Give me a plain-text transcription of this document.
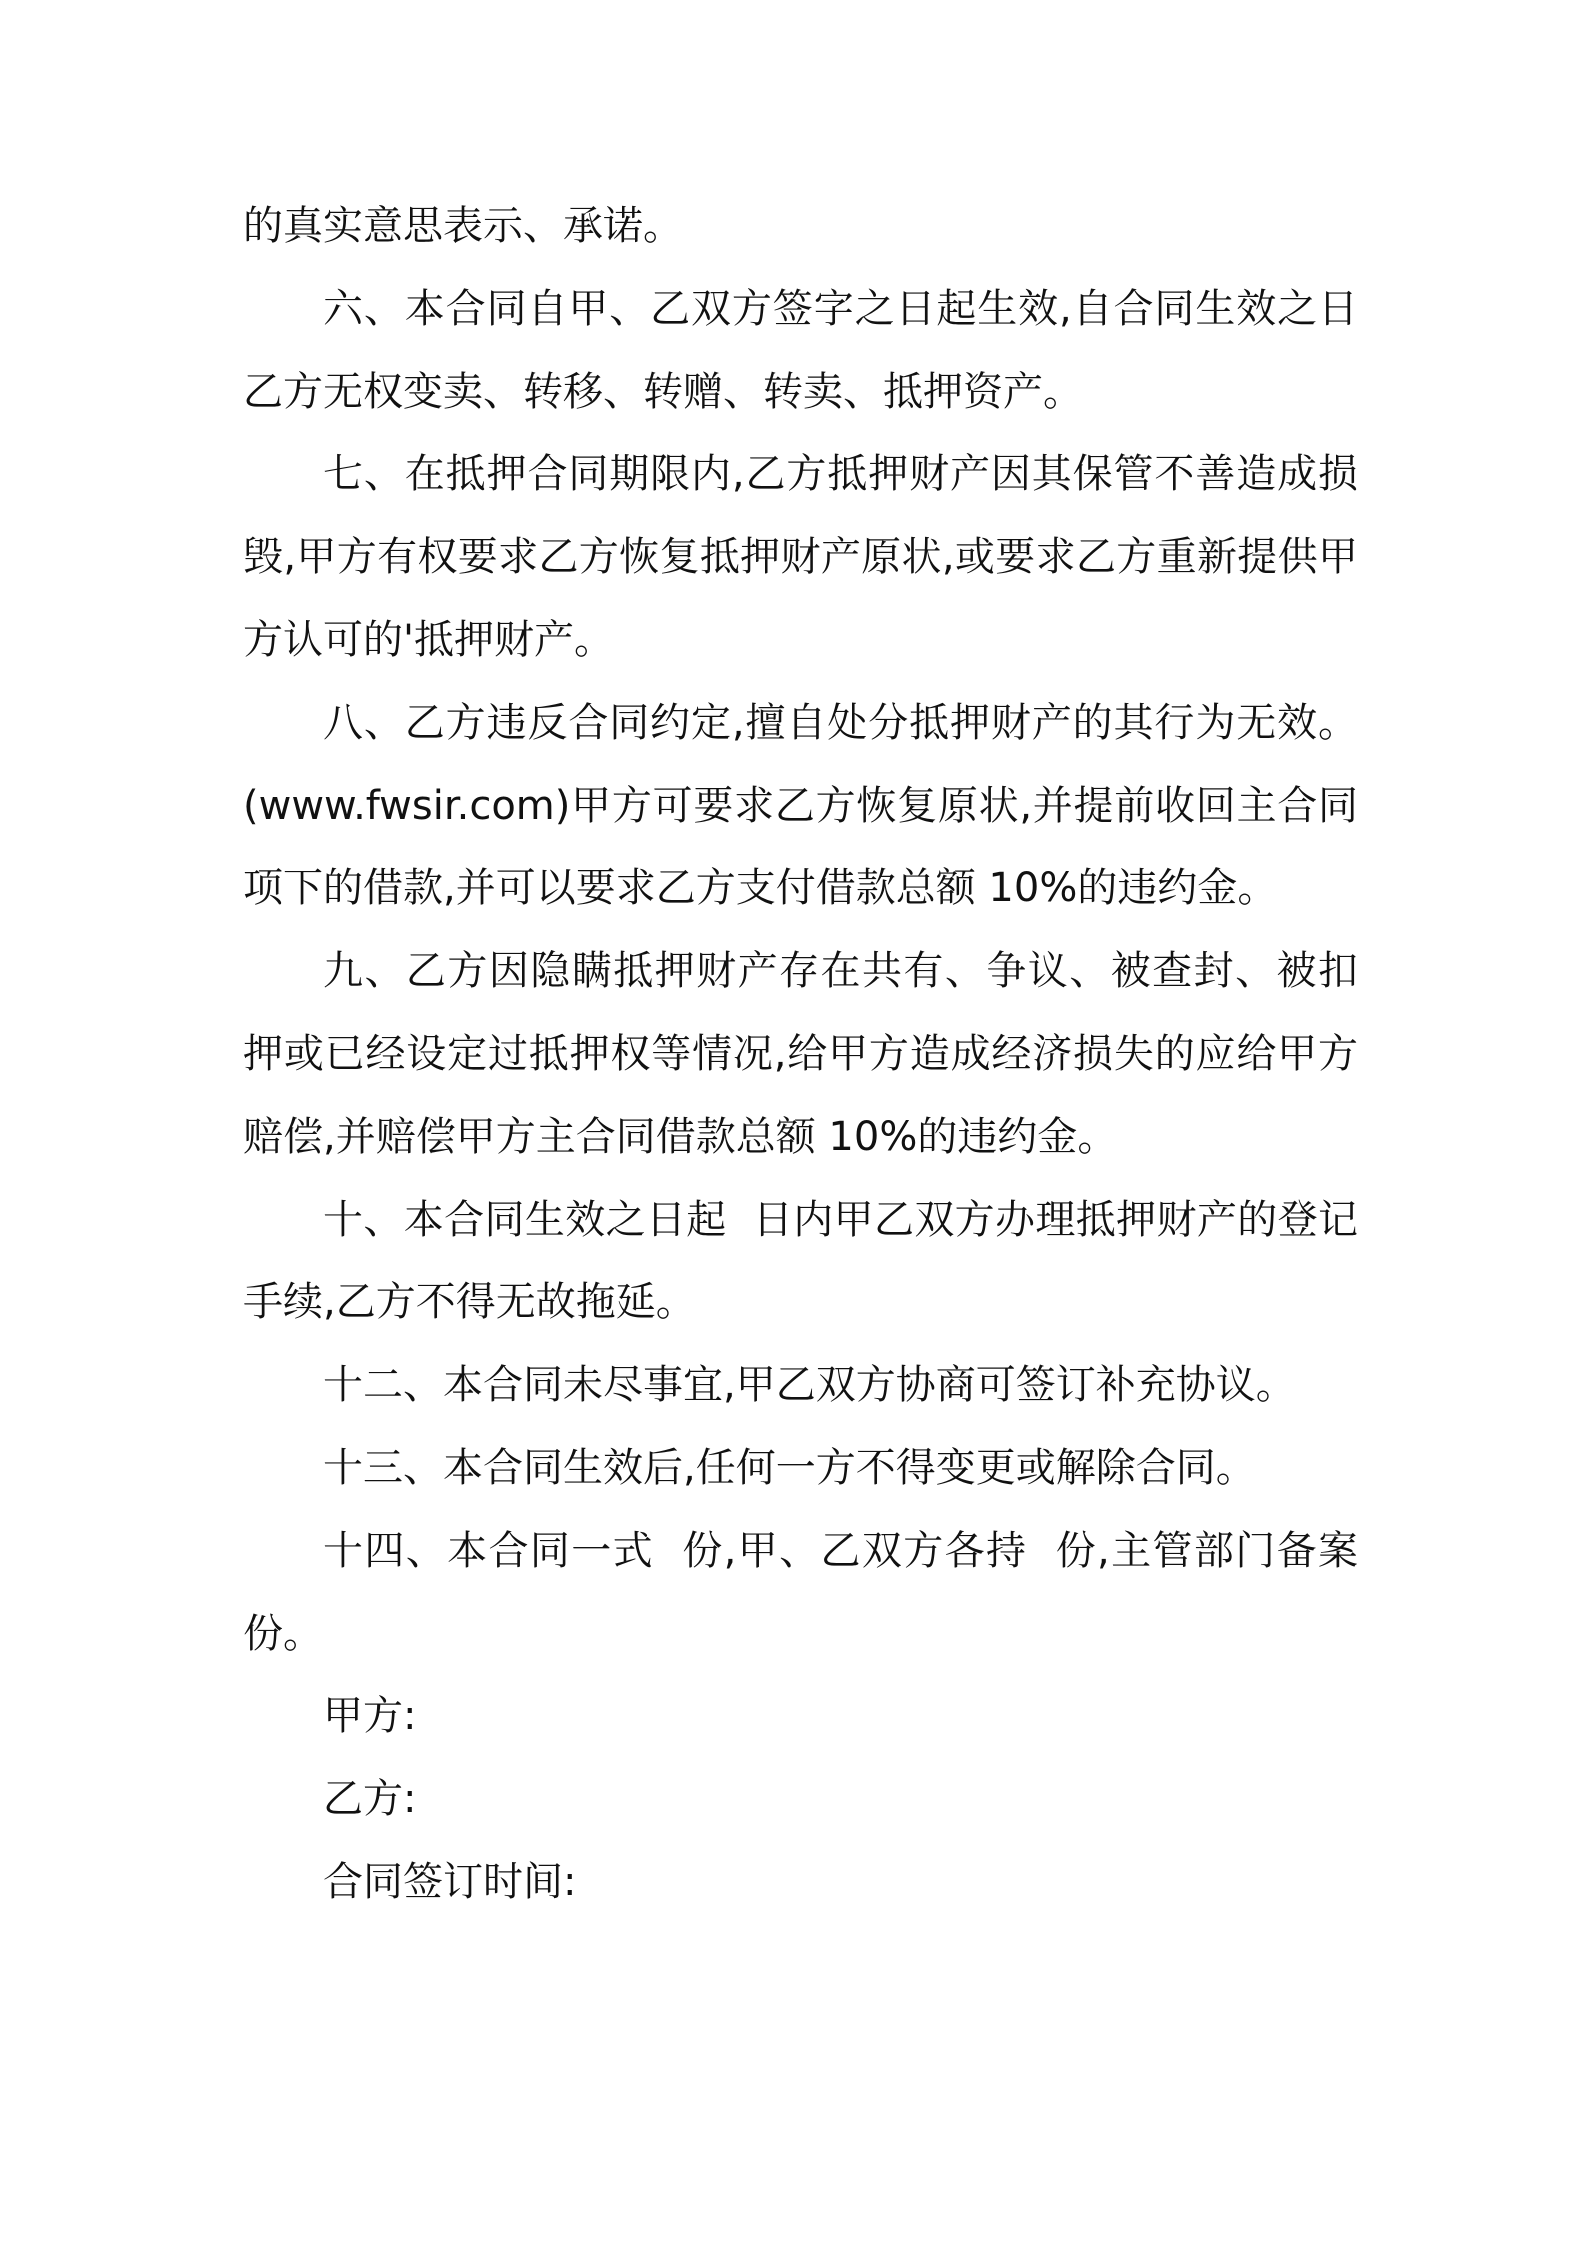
的真实意思表示、承诺。

六、本合同自甲、乙双方签字之日起生效,自合同生效之日乙方无权变卖、转移、转赠、转卖、抵押资产。

七、在抵押合同期限内,乙方抵押财产因其保管不善造成损毁,甲方有权要求乙方恢复抵押财产原状,或要求乙方重新提供甲方认可的'抵押财产。

八、乙方违反合同约定,擅自处分抵押财产的其行为无效。(www.fwsir.com)甲方可要求乙方恢复原状,并提前收回主合同项下的借款,并可以要求乙方支付借款总额 10%的违约金。

九、乙方因隐瞒抵押财产存在共有、争议、被查封、被扣押或已经设定过抵押权等情况,给甲方造成经济损失的应给甲方赔偿,并赔偿甲方主合同借款总额 10%的违约金。

十、本合同生效之日起  日内甲乙双方办理抵押财产的登记手续,乙方不得无故拖延。

十二、本合同未尽事宜,甲乙双方协商可签订补充协议。

十三、本合同生效后,任何一方不得变更或解除合同。

十四、本合同一式  份,甲、乙双方各持  份,主管部门备案  份。

甲方:

乙方:

合同签订时间:
